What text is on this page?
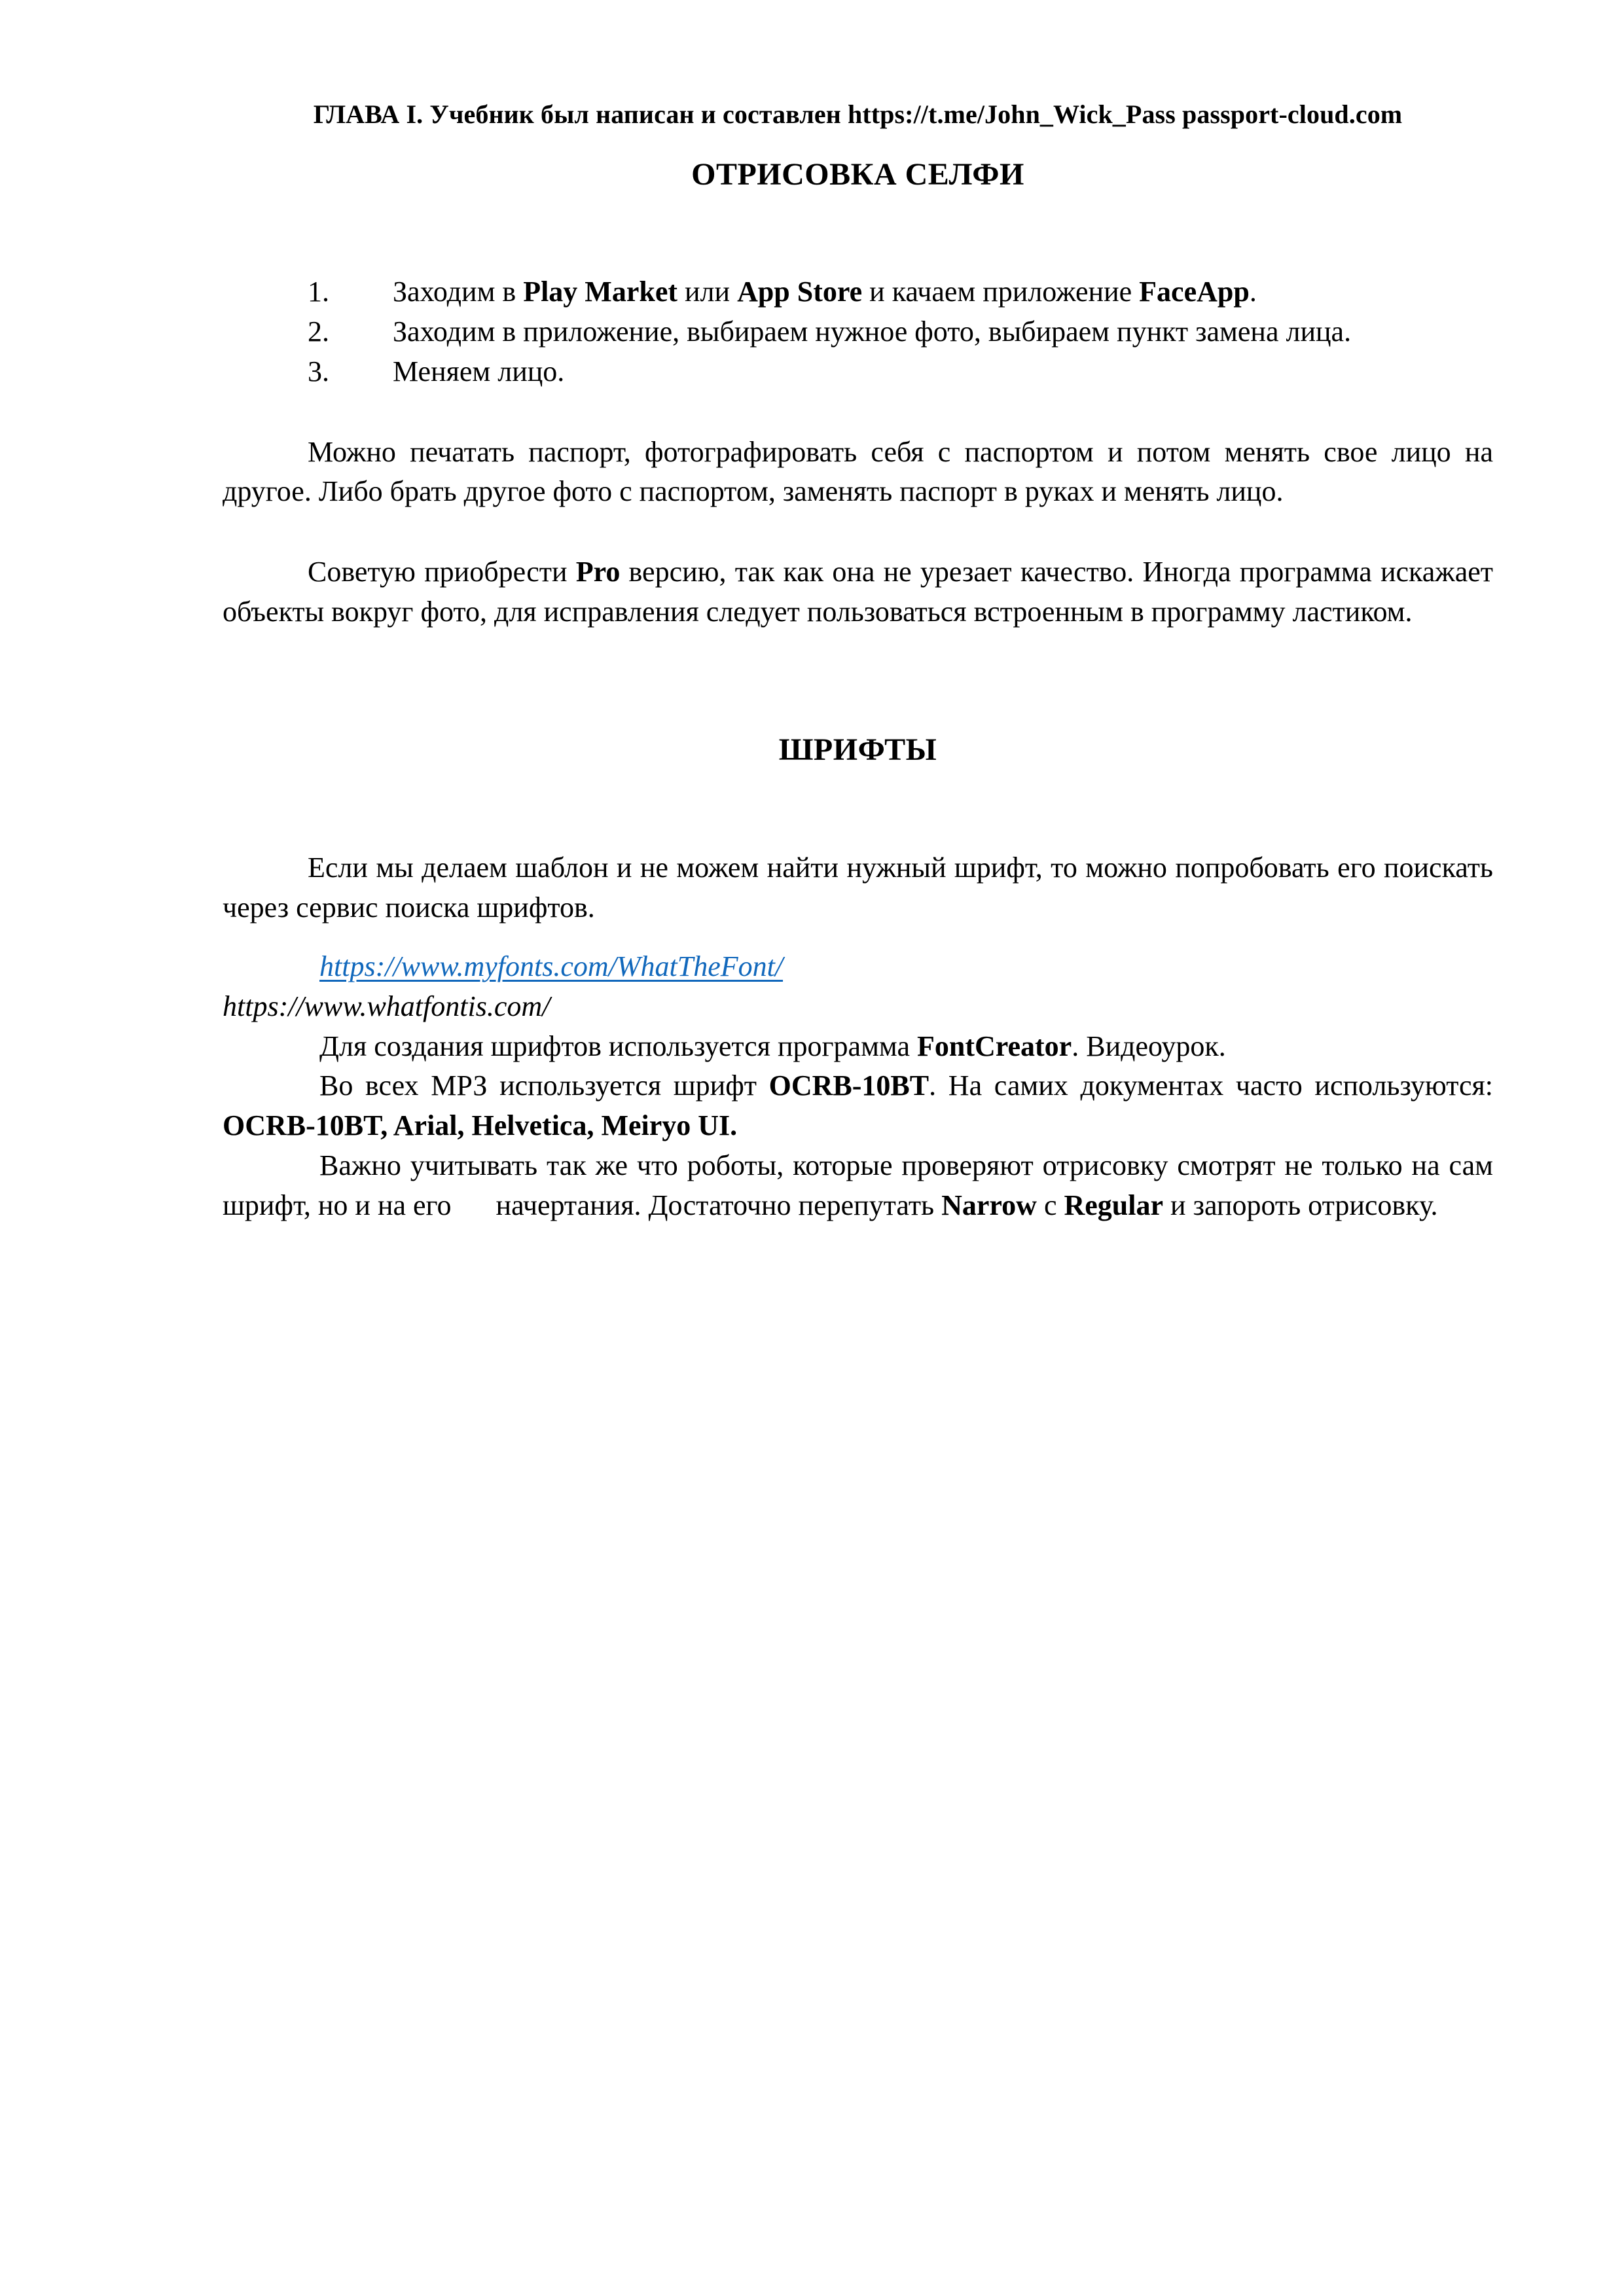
ГЛАВА I. Учебник был написан и составлен https://t.me/John_Wick_Pass passport-cloud.com
ОТРИСОВКА СЕЛФИ

1. Заходим в Play Market или App Store и качаем приложение FaceApp.

2. Заходим в приложение, выбираем нужное фото, выбираем пункт замена лица.

3. Меняем лицо.

Можно печатать паспорт, фотографировать себя с паспортом и потом менять свое лицо на другое. Либо брать другое фото с паспортом, заменять паспорт в руках и менять лицо.

Советую приобрести Pro версию, так как она не урезает качество. Иногда программа искажает объекты вокруг фото, для исправления следует пользоваться встроенным в программу ластиком.

ШРИФТЫ

Если мы делаем шаблон и не можем найти нужный шрифт, то можно попробовать его поискать через сервис поиска шрифтов.

https://www.myfonts.com/WhatTheFont/

https://www.whatfontis.com/

Для создания шрифтов используется программа FontCreator. Видеоурок.

Во всех МРЗ используется шрифт OCRB-10BT. На самих документах часто используются: OCRB-10BT, Arial, Helvetica, Meiryo UI.

Важно учитывать так же что роботы, которые проверяют отрисовку смотрят не только на сам шрифт, но и на его  начертания. Достаточно перепутать Narrow с Regular и запороть отрисовку.
